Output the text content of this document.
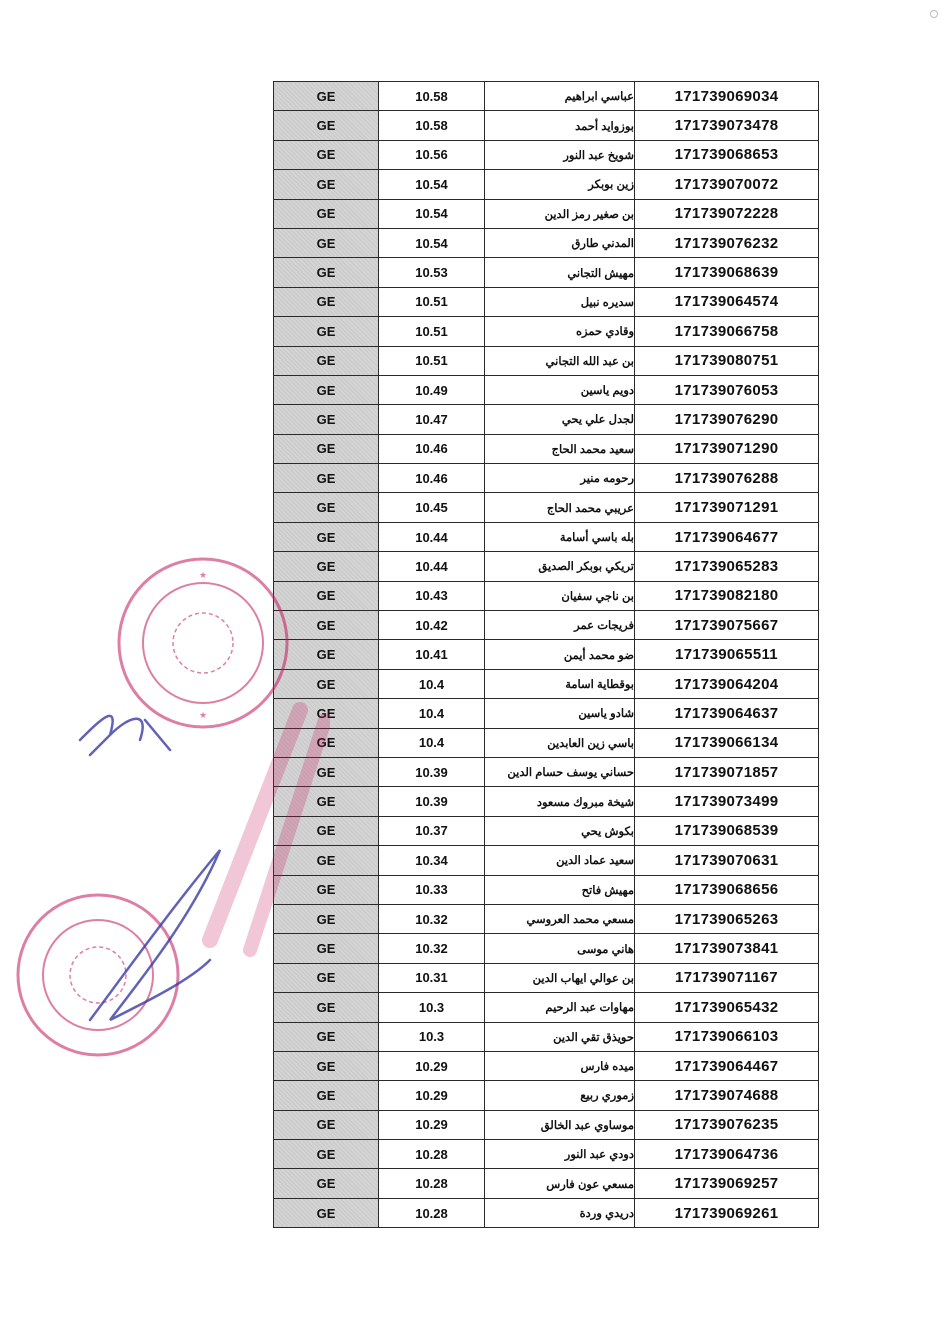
GE	10.58	عباسي ابراهيم	171739069034
GE	10.58	بوزوايد أحمد	171739073478
GE	10.56	شويخ عبد النور	171739068653
GE	10.54	زين بوبكر	171739070072
GE	10.54	بن صغير رمز الدين	171739072228
GE	10.54	المدني طارق	171739076232
GE	10.53	مهيش التجاني	171739068639
GE	10.51	سديره نبيل	171739064574
GE	10.51	وقادي حمزه	171739066758
GE	10.51	بن عبد الله التجاني	171739080751
GE	10.49	دويم ياسين	171739076053
GE	10.47	لجدل علي يحي	171739076290
GE	10.46	سعيد محمد الحاج	171739071290
GE	10.46	رحومه منير	171739076288
GE	10.45	عريبي محمد الحاج	171739071291
GE	10.44	بله باسي أسامة	171739064677
GE	10.44	تريكي بوبكر الصديق	171739065283
GE	10.43	بن ناجي سفيان	171739082180
GE	10.42	فريجات عمر	171739075667
GE	10.41	ضو محمد أيمن	171739065511
GE	10.4	بوقطاية اسامة	171739064204
GE	10.4	شادو ياسين	171739064637
GE	10.4	باسي زين العابدين	171739066134
GE	10.39	حساني يوسف حسام الدين	171739071857
GE	10.39	شيخة مبروك مسعود	171739073499
GE	10.37	بكوش يحي	171739068539
GE	10.34	سعيد عماد الدين	171739070631
GE	10.33	مهيش فاتح	171739068656
GE	10.32	مسعي محمد العروسي	171739065263
GE	10.32	هاني موسى	171739073841
GE	10.31	بن عوالي ايهاب الدين	171739071167
GE	10.3	مهاوات عبد الرحيم	171739065432
GE	10.3	حويذق تقي الدين	171739066103
GE	10.29	ميده فارس	171739064467
GE	10.29	زموري ربيع	171739074688
GE	10.29	موساوي عبد الخالق	171739076235
GE	10.28	دودي عبد النور	171739064736
GE	10.28	مسعي عون فارس	171739069257
GE	10.28	دريدي وردة	171739069261
★
★
